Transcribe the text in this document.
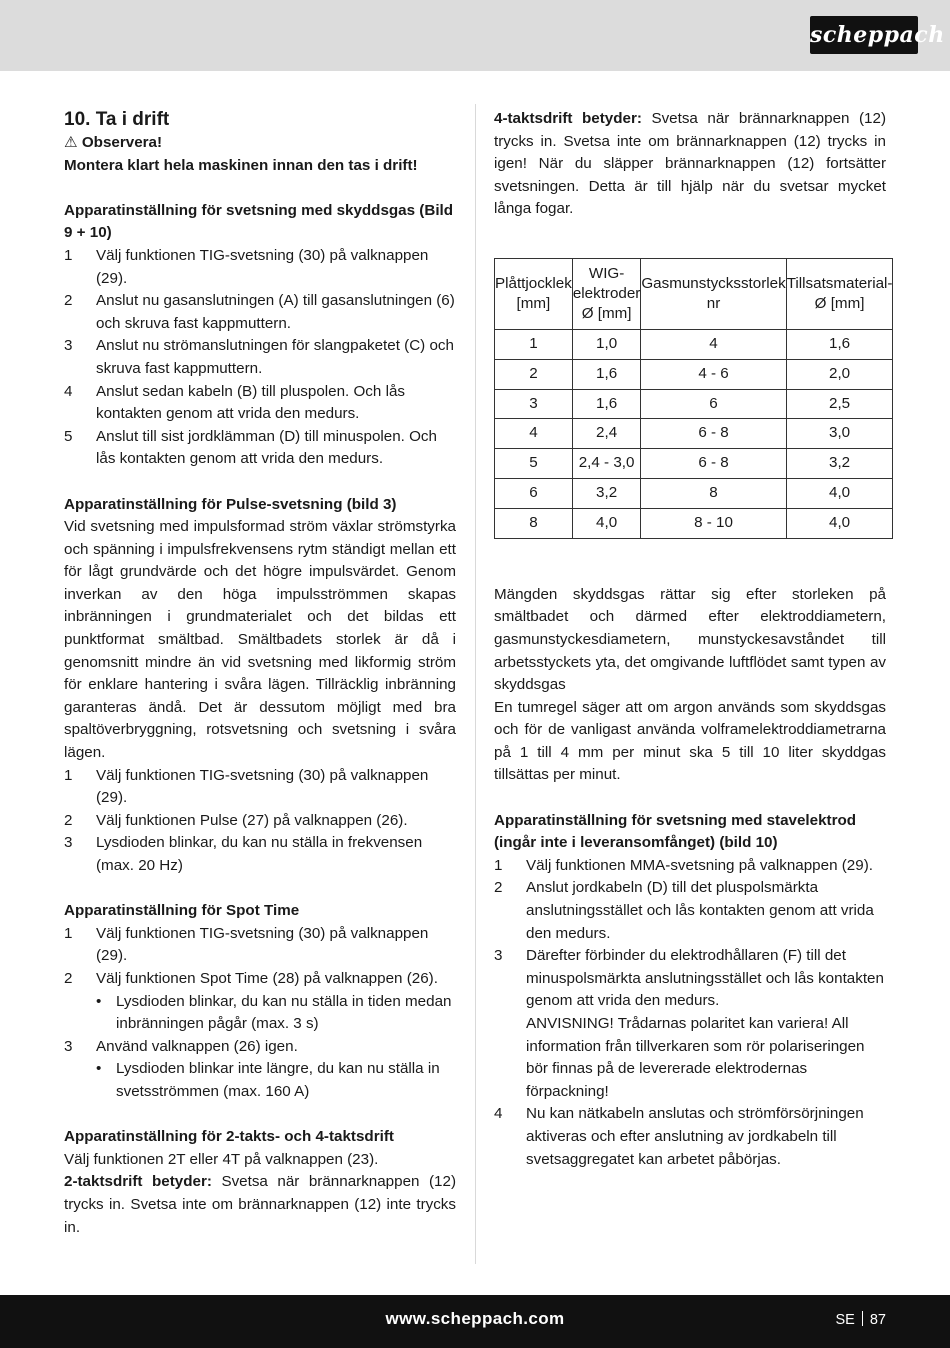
scheppach

10. Ta i drift

⚠ Observera!

Montera klart hela maskinen innan den tas i drift!

Apparatinställning för svetsning med skyddsgas (Bild 9 + 10)

1	Välj funktionen TIG-svetsning (30) på valknappen (29).
2	Anslut nu gasanslutningen (A) till gasanslutningen (6) och skruva fast kappmuttern.
3	Anslut nu strömanslutningen för slangpaketet (C) och skruva fast kappmuttern.
4	Anslut sedan kabeln (B) till pluspolen. Och lås kontakten genom att vrida den medurs.
5	Anslut till sist jordklämman (D) till minuspolen. Och lås kontakten genom att vrida den medurs.

Apparatinställning för Pulse-svetsning (bild 3)

Vid svetsning med impulsformad ström växlar strömstyrka och spänning i impulsfrekvensens rytm ständigt mellan ett för lågt grundvärde och det högre impulsvärdet. Genom inverkan av den höga impulsströmmen skapas inbränningen i grundmaterialet och det bildas ett punktformat smältbad. Smältbadets storlek är då i genomsnitt mindre än vid svetsning med likformig ström för enklare hantering i svåra lägen. Tillräcklig inbränning garanteras ändå. Det är dessutom möjligt med bra spaltöverbryggning, rotsvetsning och svetsning i svåra lägen.

1	Välj funktionen TIG-svetsning (30) på valknappen (29).
2	Välj funktionen Pulse (27) på valknappen (26).
3	Lysdioden blinkar, du kan nu ställa in frekvensen (max. 20 Hz)

Apparatinställning för Spot Time

1	Välj funktionen TIG-svetsning (30) på valknappen (29).
2	Välj funktionen Spot Time (28) på valknappen (26).
• Lysdioden blinkar, du kan nu ställa in tiden medan inbränningen pågår (max. 3 s)
3	Använd valknappen (26) igen.
• Lysdioden blinkar inte längre, du kan nu ställa in svetsströmmen (max. 160 A)

Apparatinställning för 2-takts- och 4-taktsdrift

Välj funktionen 2T eller 4T på valknappen (23).

2-taktsdrift betyder: Svetsa när brännarknappen (12) trycks in. Svetsa inte om brännarknappen (12) inte trycks in.

4-taktsdrift betyder: Svetsa när brännarknappen (12) trycks in. Svetsa inte om brännarknappen (12) trycks in igen! När du släpper brännarknappen (12) fortsätter svetsningen. Detta är till hjälp när du svetsar mycket långa fogar.

Plåttjocklek [mm]	WIG-elektroder Ø [mm]	Gasmunstycksstorlek nr	Tillsatsmaterial-Ø [mm]
1	1,0	4	1,6
2	1,6	4 - 6	2,0
3	1,6	6	2,5
4	2,4	6 - 8	3,0
5	2,4 - 3,0	6 - 8	3,2
6	3,2	8	4,0
8	4,0	8 - 10	4,0

Mängden skyddsgas rättar sig efter storleken på smältbadet och därmed efter elektroddiametern, gasmunstyckesdiametern, munstyckesavståndet till arbetsstyckets yta, det omgivande luftflödet samt typen av skyddsgas

En tumregel säger att om argon används som skyddsgas och för de vanligast använda volframelektroddiametrarna på 1 till 4 mm per minut ska 5 till 10 liter skyddgas tillsättas per minut.

Apparatinställning för svetsning med stavelektrod (ingår inte i leveransomfånget) (bild 10)

1	Välj funktionen MMA-svetsning på valknappen (29).
2	Anslut jordkabeln (D) till det pluspolsmärkta anslutningsstället och lås kontakten genom att vrida den medurs.
3	Därefter förbinder du elektrodhållaren (F) till det minuspolsmärkta anslutningsstället och lås kontakten genom att vrida den medurs.
ANVISNING! Trådarnas polaritet kan variera! All information från tillverkaren som rör polariseringen bör finnas på de levererade elektrodernas förpackning!
4	Nu kan nätkabeln anslutas och strömförsörjningen aktiveras och efter anslutning av jordkabeln till svetsaggregatet kan arbetet påbörjas.
www.scheppach.com	SE 87
